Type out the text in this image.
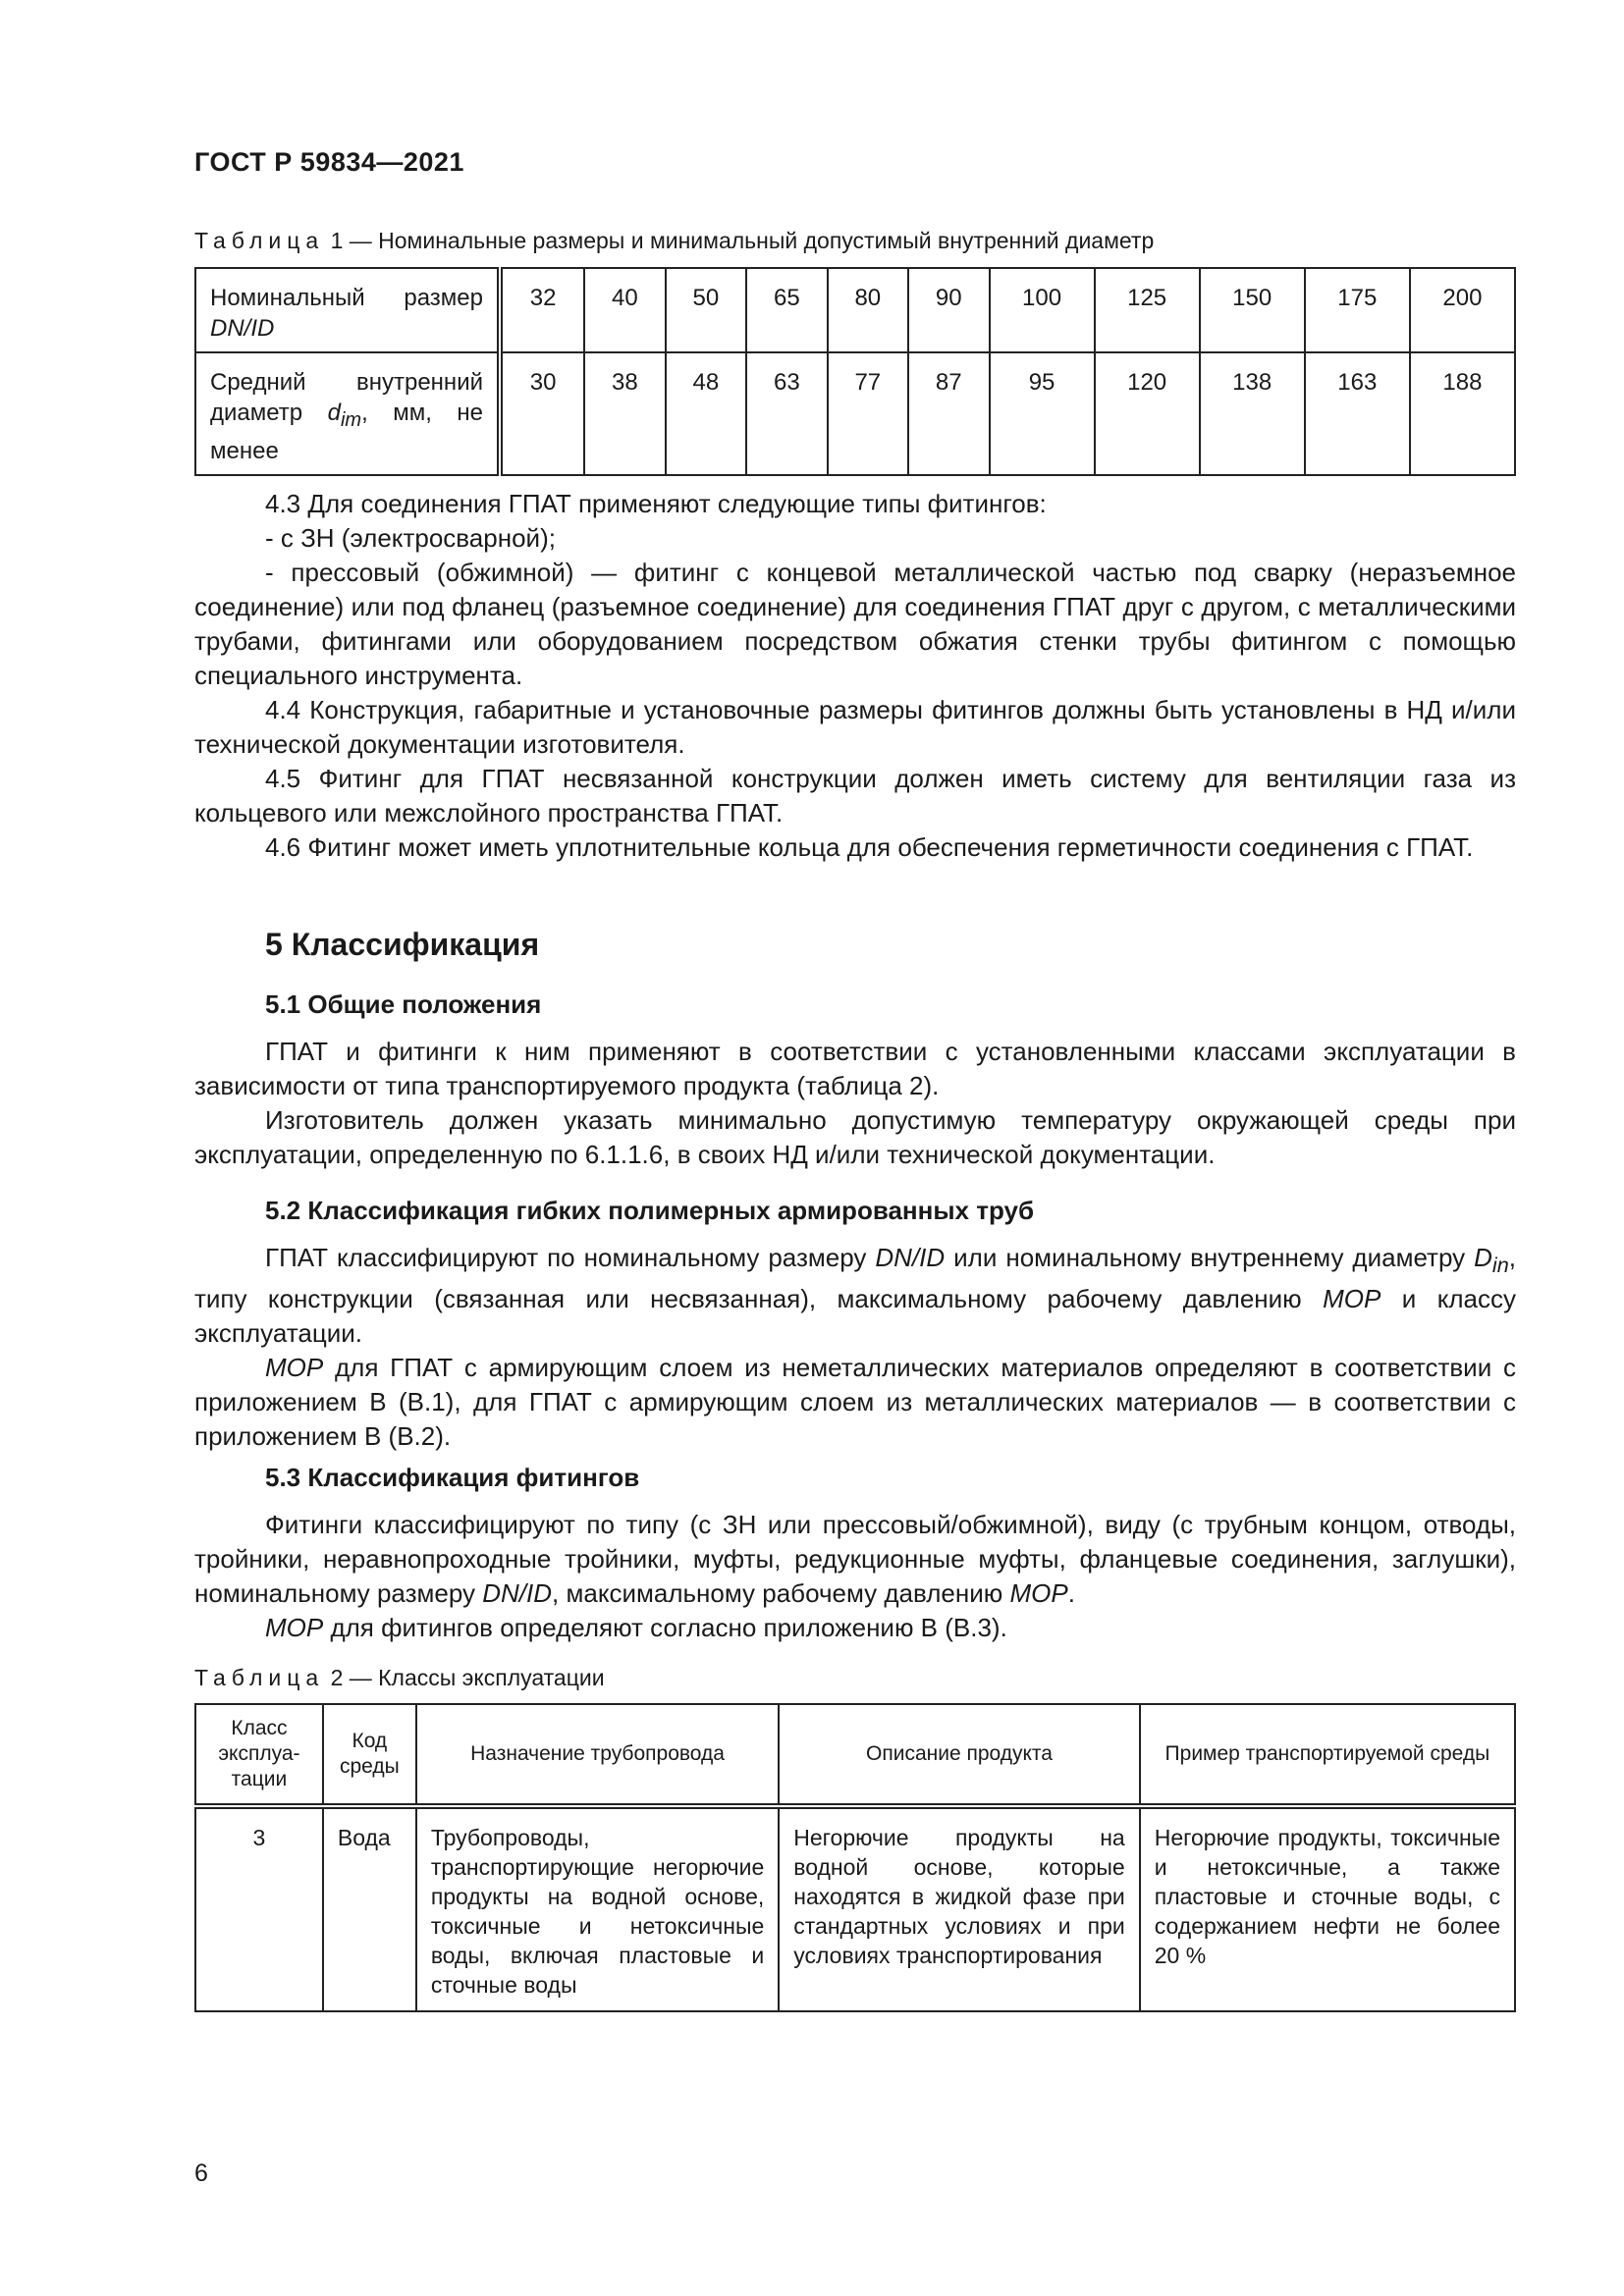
ГОСТ Р 59834—2021
Таблица 1 — Номинальные размеры и минимальный допустимый внутренний диаметр
Номинальный размер
DN/ID	32	40	50	65	80	90	100	125	150	175	200
Средний внутренний диаметр $d_{im}$, мм, не
менее	30	38	48	63	77	87	95	120	138	163	188

4.3 Для соединения ГПАТ применяют следующие типы фитингов:

- с ЗН (электросварной);

- прессовый (обжимной) — фитинг с концевой металлической частью под сварку (неразъемное соединение) или под фланец (разъемное соединение) для соединения ГПАТ друг с другом, с металлическими трубами, фитингами или оборудованием посредством обжатия стенки трубы фитингом с помощью специального инструмента.

4.4 Конструкция, габаритные и установочные размеры фитингов должны быть установлены в НД и/или технической документации изготовителя.

4.5 Фитинг для ГПАТ несвязанной конструкции должен иметь систему для вентиляции газа из кольцевого или межслойного пространства ГПАТ.

4.6 Фитинг может иметь уплотнительные кольца для обеспечения герметичности соединения с ГПАТ.

5 Классификация
5.1 Общие положения

ГПАТ и фитинги к ним применяют в соответствии с установленными классами эксплуатации в зависимости от типа транспортируемого продукта (таблица 2).

Изготовитель должен указать минимально допустимую температуру окружающей среды при эксплуатации, определенную по 6.1.1.6, в своих НД и/или технической документации.

5.2 Классификация гибких полимерных армированных труб

ГПАТ классифицируют по номинальному размеру DN/ID или номинальному внутреннему диаметру $D_{in}$, типу конструкции (связанная или несвязанная), максимальному рабочему давлению MOP и классу эксплуатации.

MOP для ГПАТ с армирующим слоем из неметаллических материалов определяют в соответствии с приложением В (В.1), для ГПАТ с армирующим слоем из металлических материалов — в соответствии с приложением В (В.2).

5.3 Классификация фитингов

Фитинги классифицируют по типу (с ЗН или прессовый/обжимной), виду (с трубным концом, отводы, тройники, неравнопроходные тройники, муфты, редукционные муфты, фланцевые соединения, заглушки), номинальному размеру DN/ID, максимальному рабочему давлению MOP.

MOP для фитингов определяют согласно приложению В (В.3).

Таблица 2 — Классы эксплуатации
Класс эксплуа-тации	Код среды	Назначение трубопровода	Описание продукта	Пример транспортируемой среды
3	Вода	Трубопроводы, транспортирующие негорючие продукты на водной основе, токсичные и нетоксичные воды, включая пластовые и сточные воды	Негорючие продукты на водной основе, которые находятся в жидкой фазе при стандартных условиях и при условиях транспортирования	Негорючие продукты, токсичные и нетоксичные, а также пластовые и сточные воды, с содержанием нефти не более 20 %
6
